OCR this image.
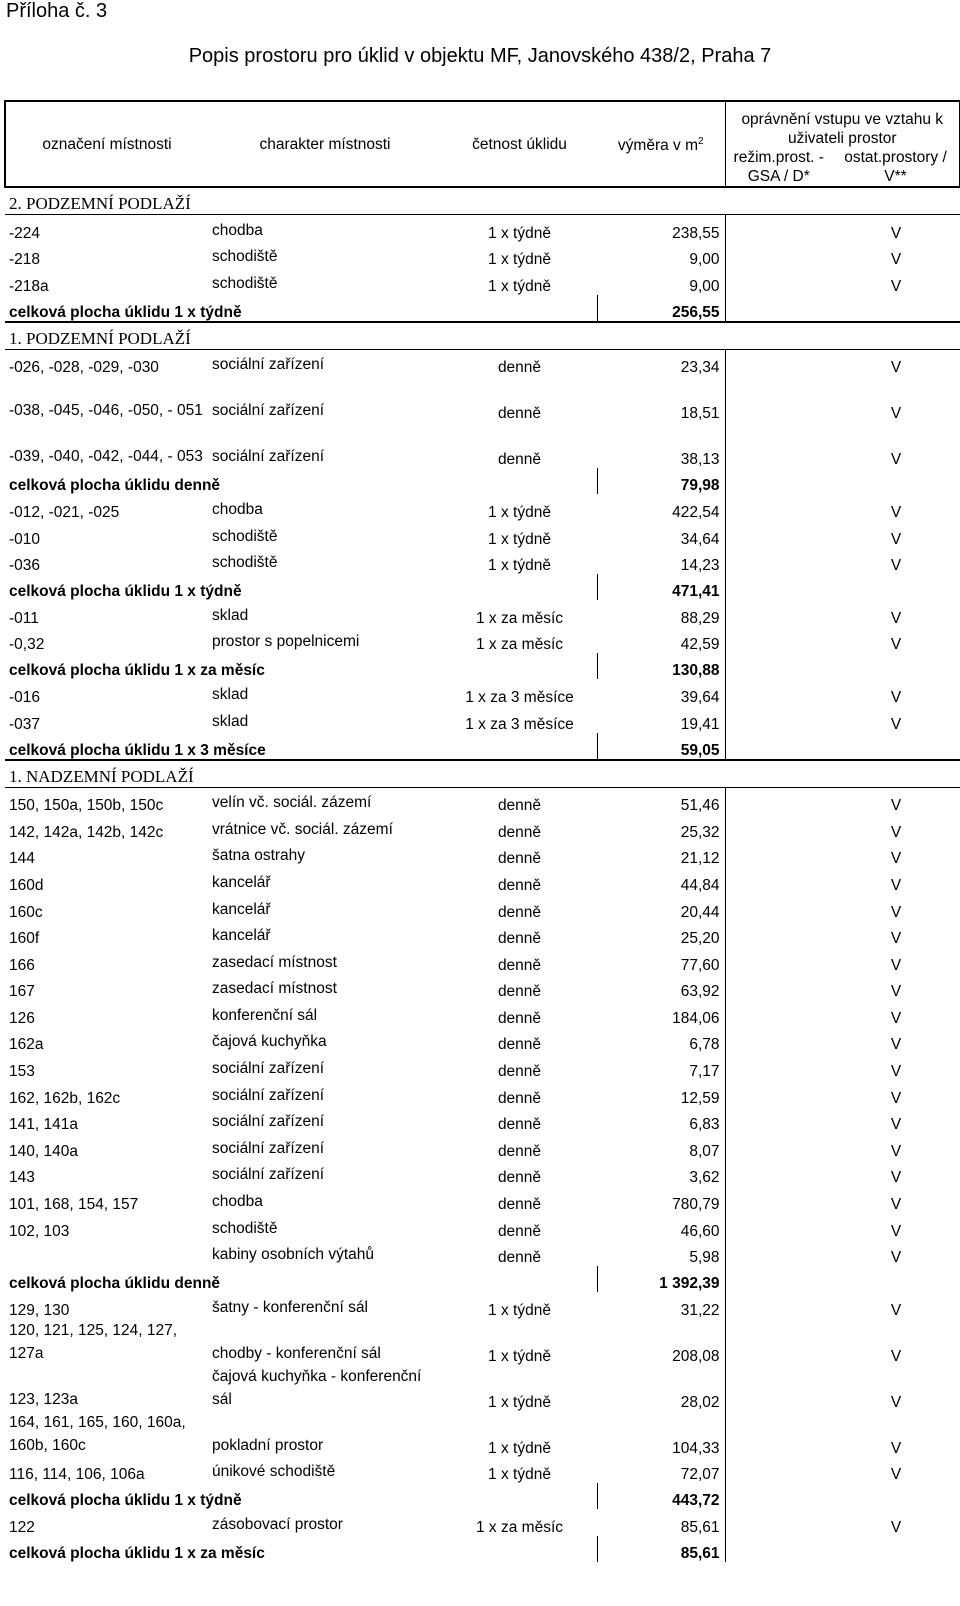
Příloha č. 3
Popis prostoru pro úklid v objektu MF, Janovského 438/2, Praha 7
označení místnosti	charakter místnosti	četnost úklidu	výměra v $m^2$	oprávnění vstupu ve vztahu k uživateli prostor	
				režim.prost. - GSA / D*	ostat.prostory / V**
2. PODZEMNÍ PODLAŽÍ					
-224	chodba	1 x týdně	238,55		V
-218	schodiště	1 x týdně	9,00		V
-218a	schodiště	1 x týdně	9,00		V
celková plocha úklidu 1 x týdně			256,55		
1. PODZEMNÍ PODLAŽÍ					
-026, -028, -029, -030	sociální zařízení	denně	23,34		V
-038, -045, -046, -050, - 051	sociální zařízení	denně	18,51		V
-039, -040, -042, -044, - 053	sociální zařízení	denně	38,13		V
celková plocha úklidu denně			79,98		
-012, -021, -025	chodba	1 x týdně	422,54		V
-010	schodiště	1 x týdně	34,64		V
-036	schodiště	1 x týdně	14,23		V
celková plocha úklidu 1 x týdně			471,41		
-011	sklad	1 x za měsíc	88,29		V
-0,32	prostor s popelnicemi	1 x za měsíc	42,59		V
celková plocha úklidu 1 x za měsíc			130,88		
-016	sklad	1 x za 3 měsíce	39,64		V
-037	sklad	1 x za 3 měsíce	19,41		V
celková plocha úklidu 1 x 3 měsíce			59,05		
1. NADZEMNÍ PODLAŽÍ					
150, 150a, 150b, 150c	velín vč. sociál. zázemí	denně	51,46		V
142, 142a, 142b, 142c	vrátnice vč. sociál. zázemí	denně	25,32		V
144	šatna ostrahy	denně	21,12		V
160d	kancelář	denně	44,84		V
160c	kancelář	denně	20,44		V
160f	kancelář	denně	25,20		V
166	zasedací místnost	denně	77,60		V
167	zasedací místnost	denně	63,92		V
126	konferenční sál	denně	184,06		V
162a	čajová kuchyňka	denně	6,78		V
153	sociální zařízení	denně	7,17		V
162, 162b, 162c	sociální zařízení	denně	12,59		V
141, 141a	sociální zařízení	denně	6,83		V
140, 140a	sociální zařízení	denně	8,07		V
143	sociální zařízení	denně	3,62		V
101, 168, 154, 157	chodba	denně	780,79		V
102, 103	schodiště	denně	46,60		V
	kabiny osobních výtahů	denně	5,98		V
celková plocha úklidu denně			1 392,39		
129, 130	šatny - konferenční sál	1 x týdně	31,22		V
120, 121, 125, 124, 127, 127a	chodby - konferenční sál	1 x týdně	208,08		V
123, 123a	čajová kuchyňka - konferenční sál	1 x týdně	28,02		V
164, 161, 165, 160, 160a, 160b, 160c	pokladní prostor	1 x týdně	104,33		V
116, 114, 106, 106a	únikové schodiště	1 x týdně	72,07		V
celková plocha úklidu 1 x týdně			443,72		
122	zásobovací prostor	1 x za měsíc	85,61		V
celková plocha úklidu 1 x za měsíc			85,61		
